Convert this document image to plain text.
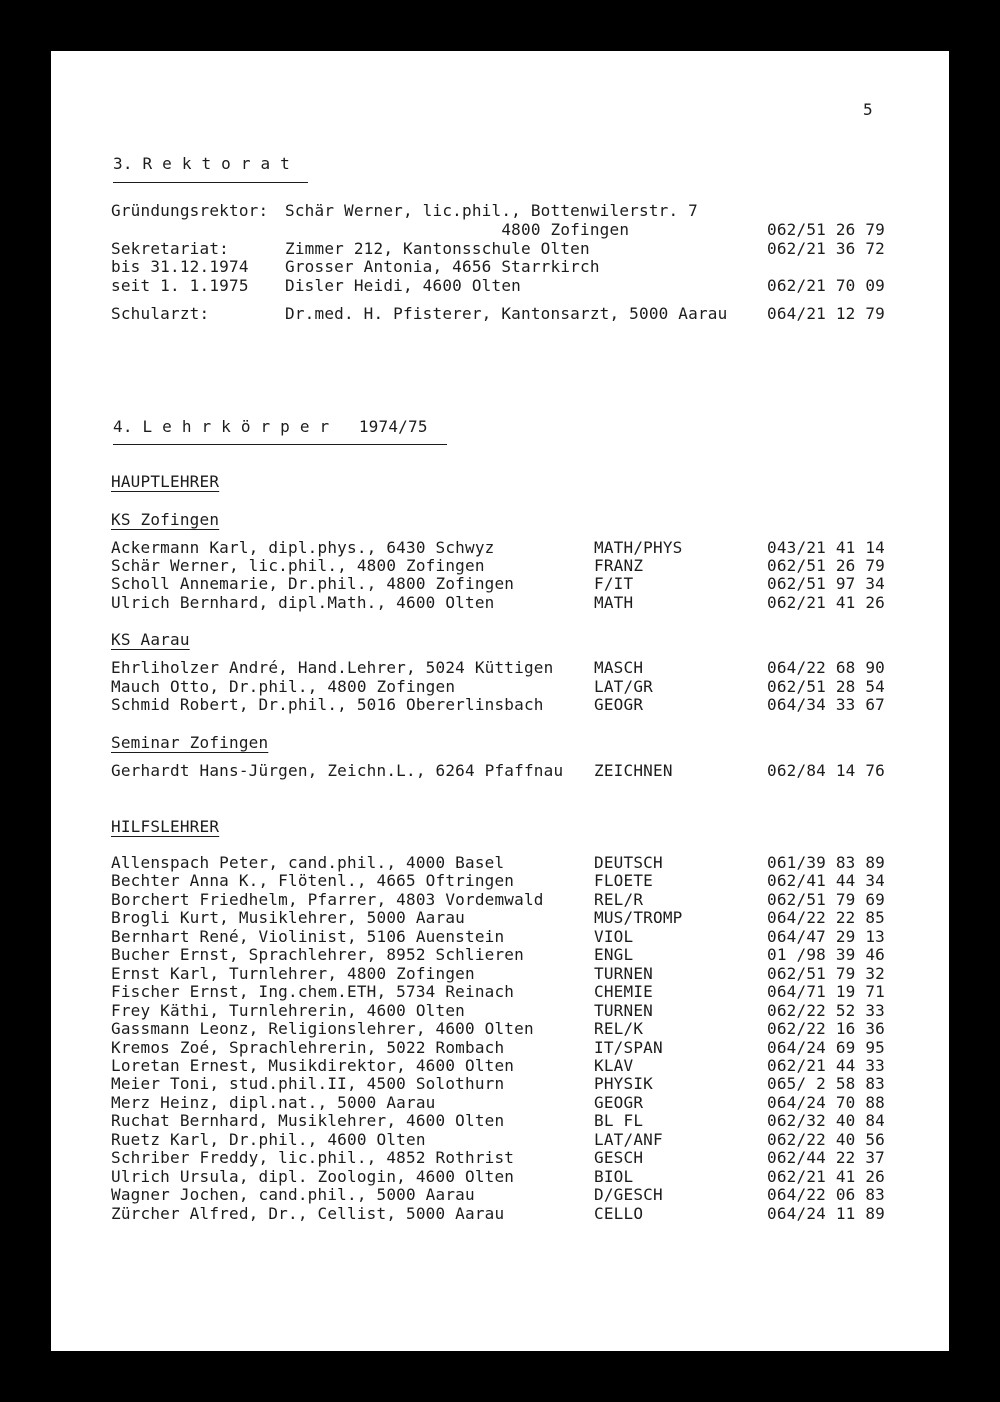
5
3. R e k t o r a t
Gründungsrektor: Schär Werner, lic.phil., Bottenwilerstr. 7
4800 Zofingen	062/51 26 79
Sekretariat:	Zimmer 212, Kantonsschule Olten	062/21 36 72
bis 31.12.1974 Grosser Antonia, 4656 Starrkirch
seit 1. 1.1975 Disler Heidi, 4600 Olten	062/21 70 09
Schularzt:	Dr.med. H. Pfisterer, Kantonsarzt, 5000 Aarau 064/21 12 79
4. L e h r k ö r p e r   1974/75
HAUPTLEHRER
KS Zofingen
Ackermann Karl, dipl.phys., 6430 Schwyz	MATH/PHYS	043/21 41 14
Schär Werner, lic.phil., 4800 Zofingen	FRANZ	062/51 26 79
Scholl Annemarie, Dr.phil., 4800 Zofingen	F/IT	062/51 97 34
Ulrich Bernhard, dipl.Math., 4600 Olten	MATH	062/21 41 26
KS Aarau
Ehrliholzer André, Hand.Lehrer, 5024 Küttigen	MASCH	064/22 68 90
Mauch Otto, Dr.phil., 4800 Zofingen	LAT/GR	062/51 28 54
Schmid Robert, Dr.phil., 5016 Obererlinsbach	GEOGR	064/34 33 67
Seminar Zofingen
Gerhardt Hans-Jürgen, Zeichn.L., 6264 Pfaffnau ZEICHNEN	062/84 14 76
HILFSLEHRER
Allenspach Peter, cand.phil., 4000 Basel	DEUTSCH	061/39 83 89
Bechter Anna K., Flötenl., 4665 Oftringen	FLOETE	062/41 44 34
Borchert Friedhelm, Pfarrer, 4803 Vordemwald	REL/R	062/51 79 69
Brogli Kurt, Musiklehrer, 5000 Aarau	MUS/TROMP	064/22 22 85
Bernhart René, Violinist, 5106 Auenstein	VIOL	064/47 29 13
Bucher Ernst, Sprachlehrer, 8952 Schlieren	ENGL	01 /98 39 46
Ernst Karl, Turnlehrer, 4800 Zofingen	TURNEN	062/51 79 32
Fischer Ernst, Ing.chem.ETH, 5734 Reinach	CHEMIE	064/71 19 71
Frey Käthi, Turnlehrerin, 4600 Olten	TURNEN	062/22 52 33
Gassmann Leonz, Religionslehrer, 4600 Olten	REL/K	062/22 16 36
Kremos Zoé, Sprachlehrerin, 5022 Rombach	IT/SPAN	064/24 69 95
Loretan Ernest, Musikdirektor, 4600 Olten	KLAV	062/21 44 33
Meier Toni, stud.phil.II, 4500 Solothurn	PHYSIK	065/ 2 58 83
Merz Heinz, dipl.nat., 5000 Aarau	GEOGR	064/24 70 88
Ruchat Bernhard, Musiklehrer, 4600 Olten	BL FL	062/32 40 84
Ruetz Karl, Dr.phil., 4600 Olten	LAT/ANF	062/22 40 56
Schriber Freddy, lic.phil., 4852 Rothrist	GESCH	062/44 22 37
Ulrich Ursula, dipl. Zoologin, 4600 Olten	BIOL	062/21 41 26
Wagner Jochen, cand.phil., 5000 Aarau	D/GESCH	064/22 06 83
Zürcher Alfred, Dr., Cellist, 5000 Aarau	CELLO	064/24 11 89
